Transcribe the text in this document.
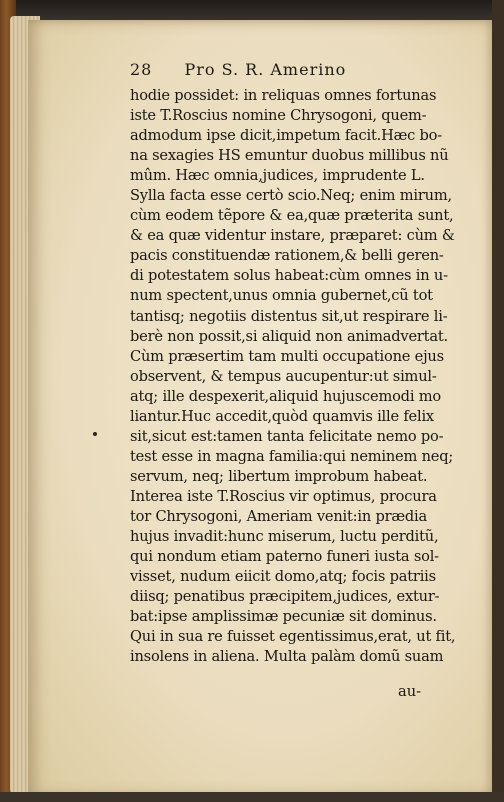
28 Pro S. R. Amerino
hodie possidet: in reliquas omnes fortunas
iste T.Roscius nomine Chrysogoni, quem-
admodum ipse dicit,impetum facit.Hæc bo-
na sexagies HS emuntur duobus millibus nũ
mûm. Hæc omnia,judices, imprudente L.
Sylla facta esse certò scio.Neq; enim mirum,
cùm eodem tẽpore & ea,quæ præterita sunt,
& ea quæ videntur instare, præparet: cùm &
pacis constituendæ rationem,& belli geren-
di potestatem solus habeat:cùm omnes in u-
num spectent,unus omnia gubernet,cũ tot
tantisq; negotiis distentus sit,ut respirare li-
berè non possit,si aliquid non animadvertat.
Cùm præsertim tam multi occupatione ejus
observent, & tempus aucupentur:ut simul-
atq; ille despexerit,aliquid hujuscemodi mo
liantur.Huc accedit,quòd quamvis ille felix
sit,sicut est:tamen tanta felicitate nemo po-
test esse in magna familia:qui neminem neq;
servum, neq; libertum improbum habeat.
Interea iste T.Roscius vir optimus, procura
tor Chrysogoni, Ameriam venit:in prædia
hujus invadit:hunc miserum, luctu perditũ,
qui nondum etiam paterno funeri iusta sol-
visset, nudum eiicit domo,atq; focis patriis
diisq; penatibus præcipitem,judices, extur-
bat:ipse amplissimæ pecuniæ sit dominus.
Qui in sua re fuisset egentissimus,erat, ut fit,
insolens in aliena. Multa palàm domũ suam
au-
